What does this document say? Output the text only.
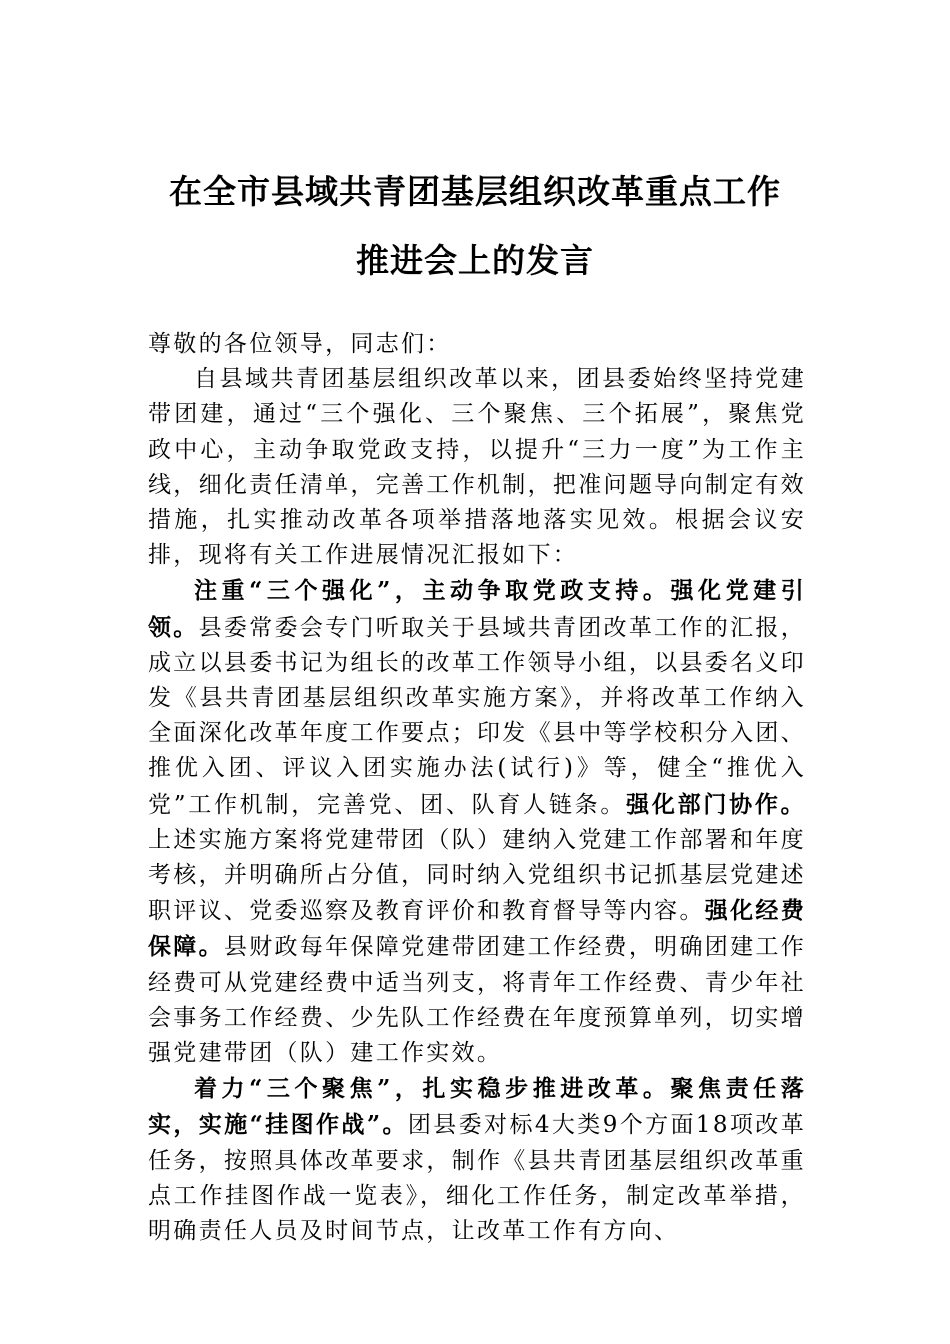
在全市县域共青团基层组织改革重点工作
推进会上的发言

尊敬的各位领导，同志们：

自县域共青团基层组织改革以来，团县委始终坚持党建带团建，通过“三个强化、三个聚焦、三个拓展”，聚焦党政中心，主动争取党政支持，以提升“三力一度”为工作主线，细化责任清单，完善工作机制，把准问题导向制定有效措施，扎实推动改革各项举措落地落实见效。根据会议安排，现将有关工作进展情况汇报如下：

注重“三个强化”，主动争取党政支持。强化党建引领。县委常委会专门听取关于县域共青团改革工作的汇报，成立以县委书记为组长的改革工作领导小组，以县委名义印发《县共青团基层组织改革实施方案》，并将改革工作纳入全面深化改革年度工作要点；印发《县中等学校积分入团、推优入团、评议入团实施办法(试行)》等，健全“推优入党”工作机制，完善党、团、队育人链条。强化部门协作。上述实施方案将党建带团（队）建纳入党建工作部署和年度考核，并明确所占分值，同时纳入党组织书记抓基层党建述职评议、党委巡察及教育评价和教育督导等内容。强化经费保障。县财政每年保障党建带团建工作经费，明确团建工作经费可从党建经费中适当列支，将青年工作经费、青少年社会事务工作经费、少先队工作经费在年度预算单列，切实增强党建带团（队）建工作实效。

着力“三个聚焦”，扎实稳步推进改革。聚焦责任落实，实施“挂图作战”。团县委对标4大类9个方面18项改革任务，按照具体改革要求，制作《县共青团基层组织改革重点工作挂图作战一览表》，细化工作任务，制定改革举措，明确责任人员及时间节点，让改革工作有方向、
